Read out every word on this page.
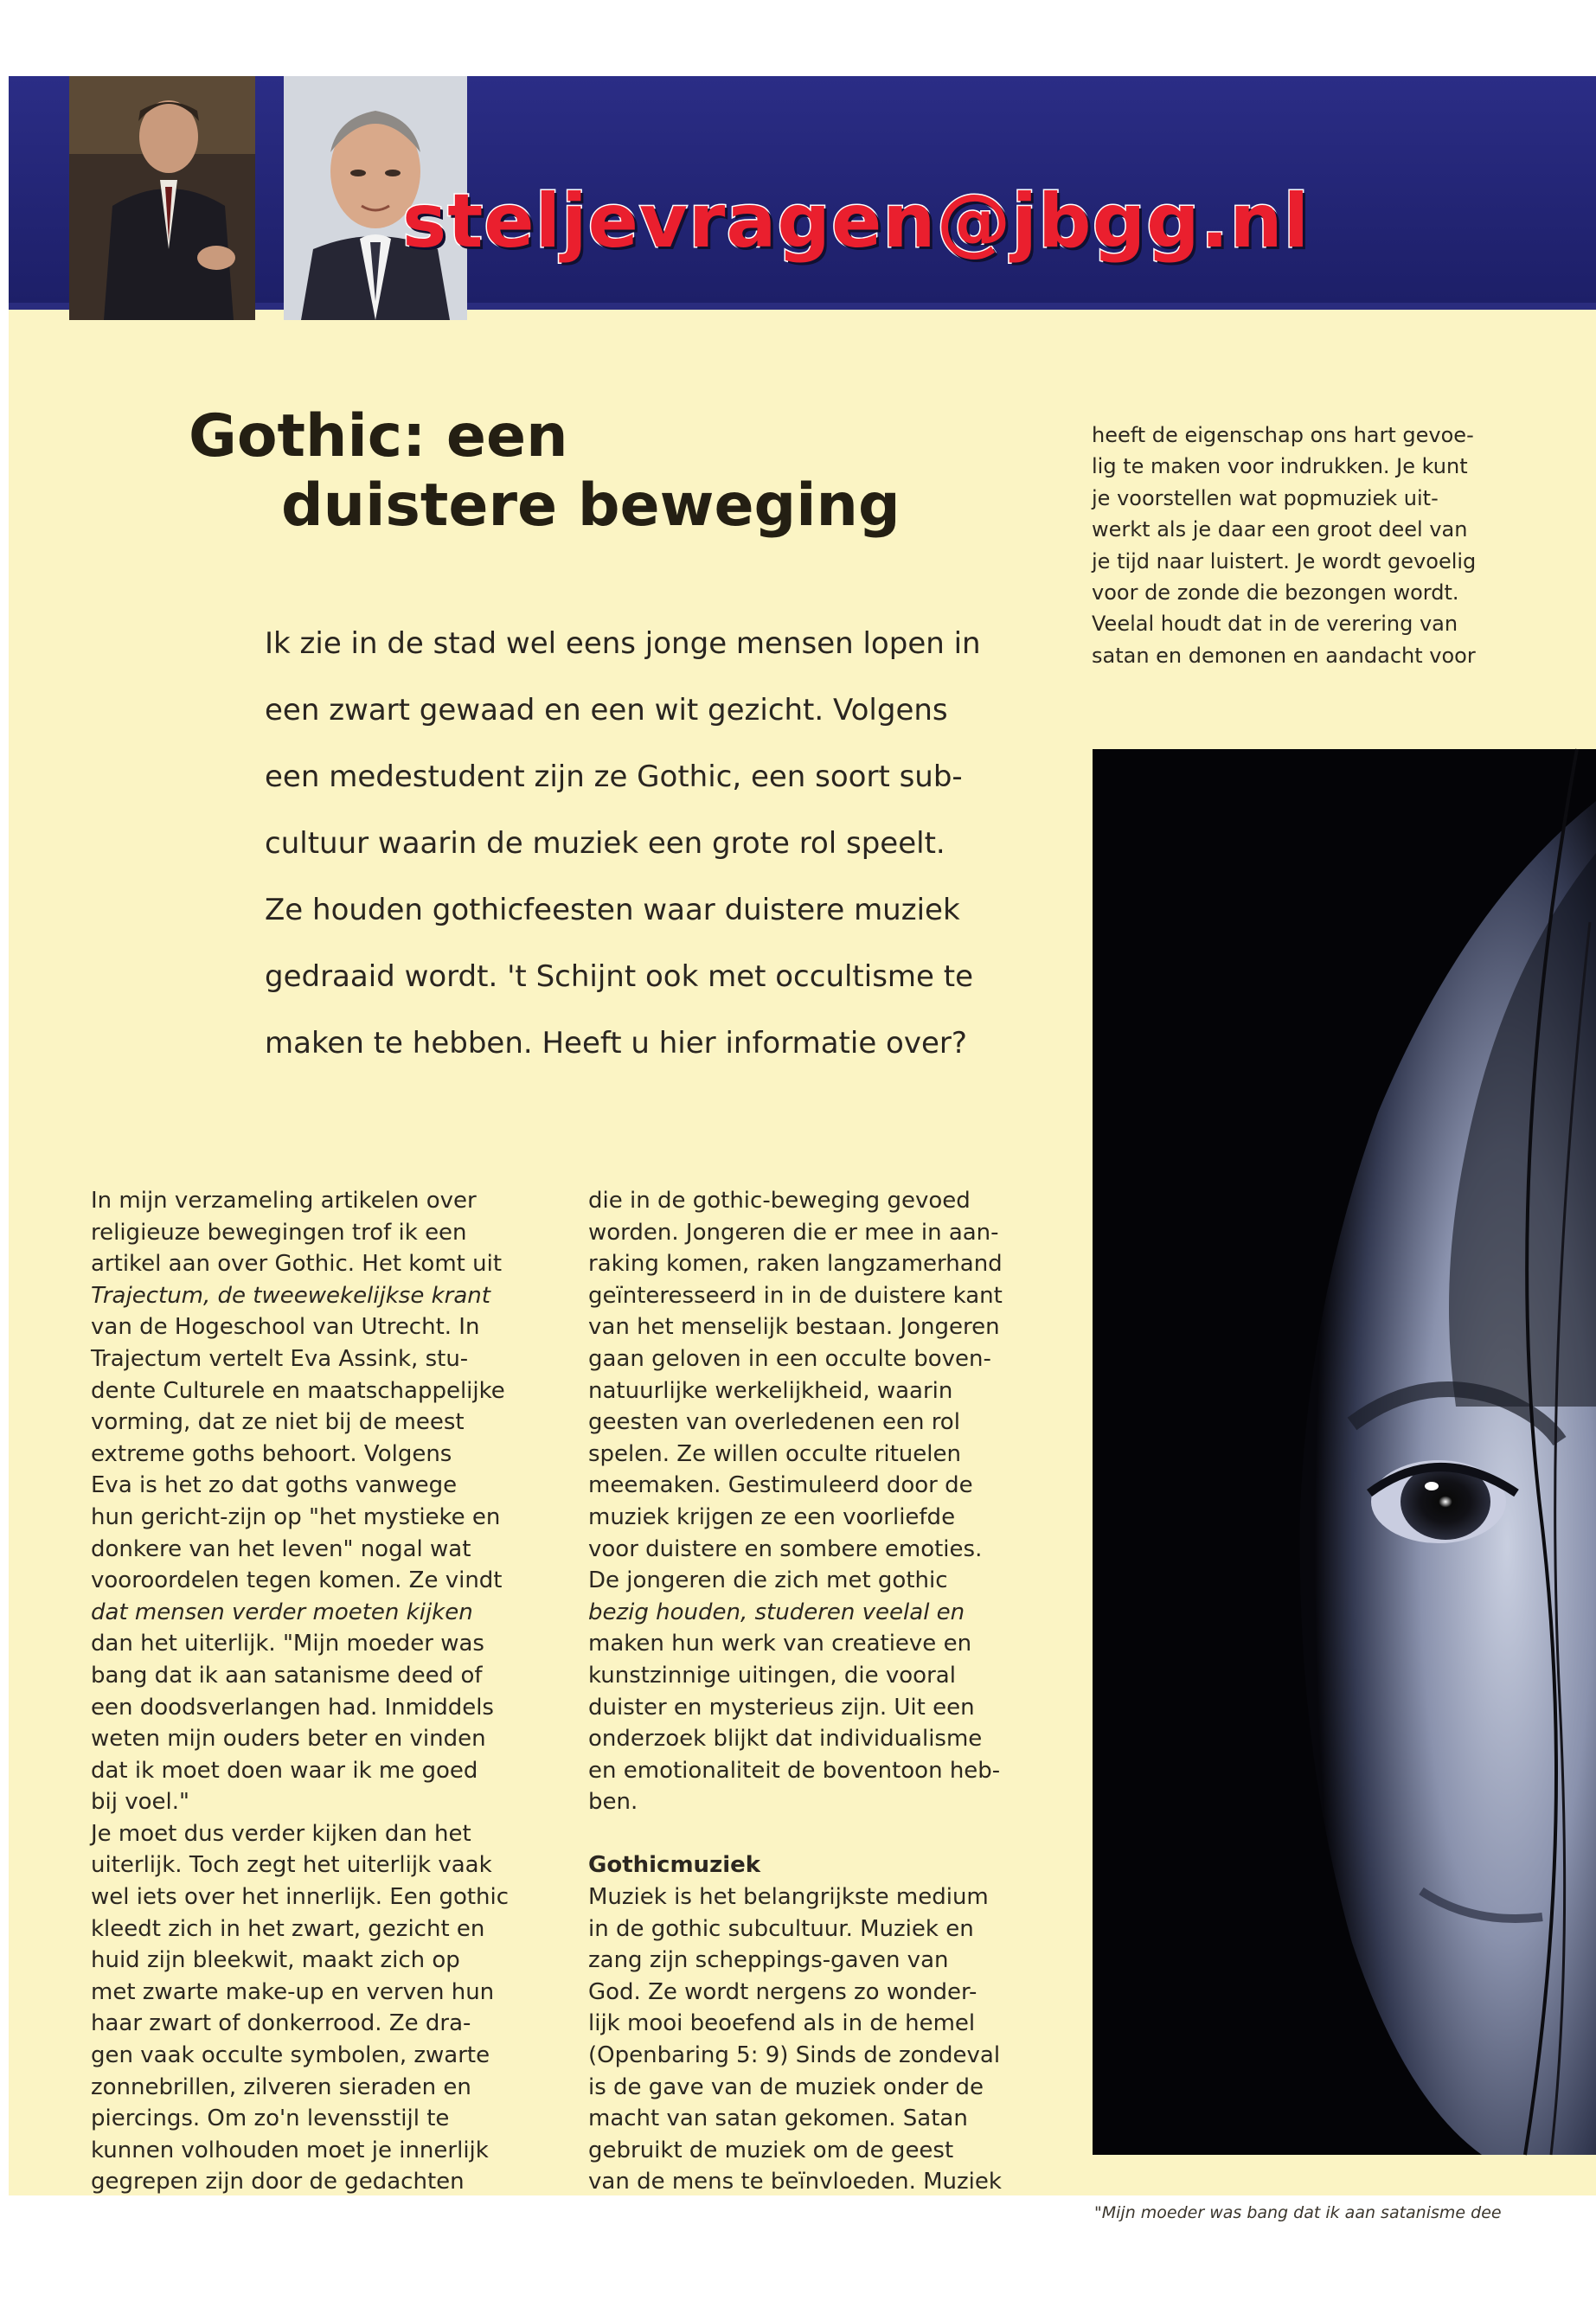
steljevragen@jbgg.nl
Gothic: een
duistere beweging
Ik zie in de stad wel eens jonge mensen lopen in
een zwart gewaad en een wit gezicht. Volgens
een medestudent zijn ze Gothic, een soort sub-
cultuur waarin de muziek een grote rol speelt.
Ze houden gothicfeesten waar duistere muziek
gedraaid wordt. 't Schijnt ook met occultisme te
maken te hebben. Heeft u hier informatie over?
In mijn verzameling artikelen over
religieuze bewegingen trof ik een
artikel aan over Gothic. Het komt uit
Trajectum, de tweewekelijkse krant
van de Hogeschool van Utrecht. In
Trajectum vertelt Eva Assink, stu-
dente Culturele en maatschappelijke
vorming, dat ze niet bij de meest
extreme goths behoort. Volgens
Eva is het zo dat goths vanwege
hun gericht-zijn op "het mystieke en
donkere van het leven" nogal wat
vooroordelen tegen komen. Ze vindt
dat mensen verder moeten kijken
dan het uiterlijk. "Mijn moeder was
bang dat ik aan satanisme deed of
een doodsverlangen had. Inmiddels
weten mijn ouders beter en vinden
dat ik moet doen waar ik me goed
bij voel."
Je moet dus verder kijken dan het
uiterlijk. Toch zegt het uiterlijk vaak
wel iets over het innerlijk. Een gothic
kleedt zich in het zwart, gezicht en
huid zijn bleekwit, maakt zich op
met zwarte make-up en verven hun
haar zwart of donkerrood. Ze dra-
gen vaak occulte symbolen, zwarte
zonnebrillen, zilveren sieraden en
piercings. Om zo'n levensstijl te
kunnen volhouden moet je innerlijk
gegrepen zijn door de gedachten
die in de gothic-beweging gevoed
worden. Jongeren die er mee in aan-
raking komen, raken langzamerhand
geïnteresseerd in in de duistere kant
van het menselijk bestaan. Jongeren
gaan geloven in een occulte boven-
natuurlijke werkelijkheid, waarin
geesten van overledenen een rol
spelen. Ze willen occulte rituelen
meemaken. Gestimuleerd door de
muziek krijgen ze een voorliefde
voor duistere en sombere emoties.
De jongeren die zich met gothic
bezig houden, studeren veelal en
maken hun werk van creatieve en
kunstzinnige uitingen, die vooral
duister en mysterieus zijn. Uit een
onderzoek blijkt dat individualisme
en emotionaliteit de boventoon heb-
ben.
Gothicmuziek
Muziek is het belangrijkste medium
in de gothic subcultuur. Muziek en
zang zijn scheppings-gaven van
God. Ze wordt nergens zo wonder-
lijk mooi beoefend als in de hemel
(Openbaring 5: 9) Sinds de zondeval
is de gave van de muziek onder de
macht van satan gekomen. Satan
gebruikt de muziek om de geest
van de mens te beïnvloeden. Muziek
heeft de eigenschap ons hart gevoe-
lig te maken voor indrukken. Je kunt
je voorstellen wat popmuziek uit-
werkt als je daar een groot deel van
je tijd naar luistert. Je wordt gevoelig
voor de zonde die bezongen wordt.
Veelal houdt dat in de verering van
satan en demonen en aandacht voor
"Mijn moeder was bang dat ik aan satanisme dee
